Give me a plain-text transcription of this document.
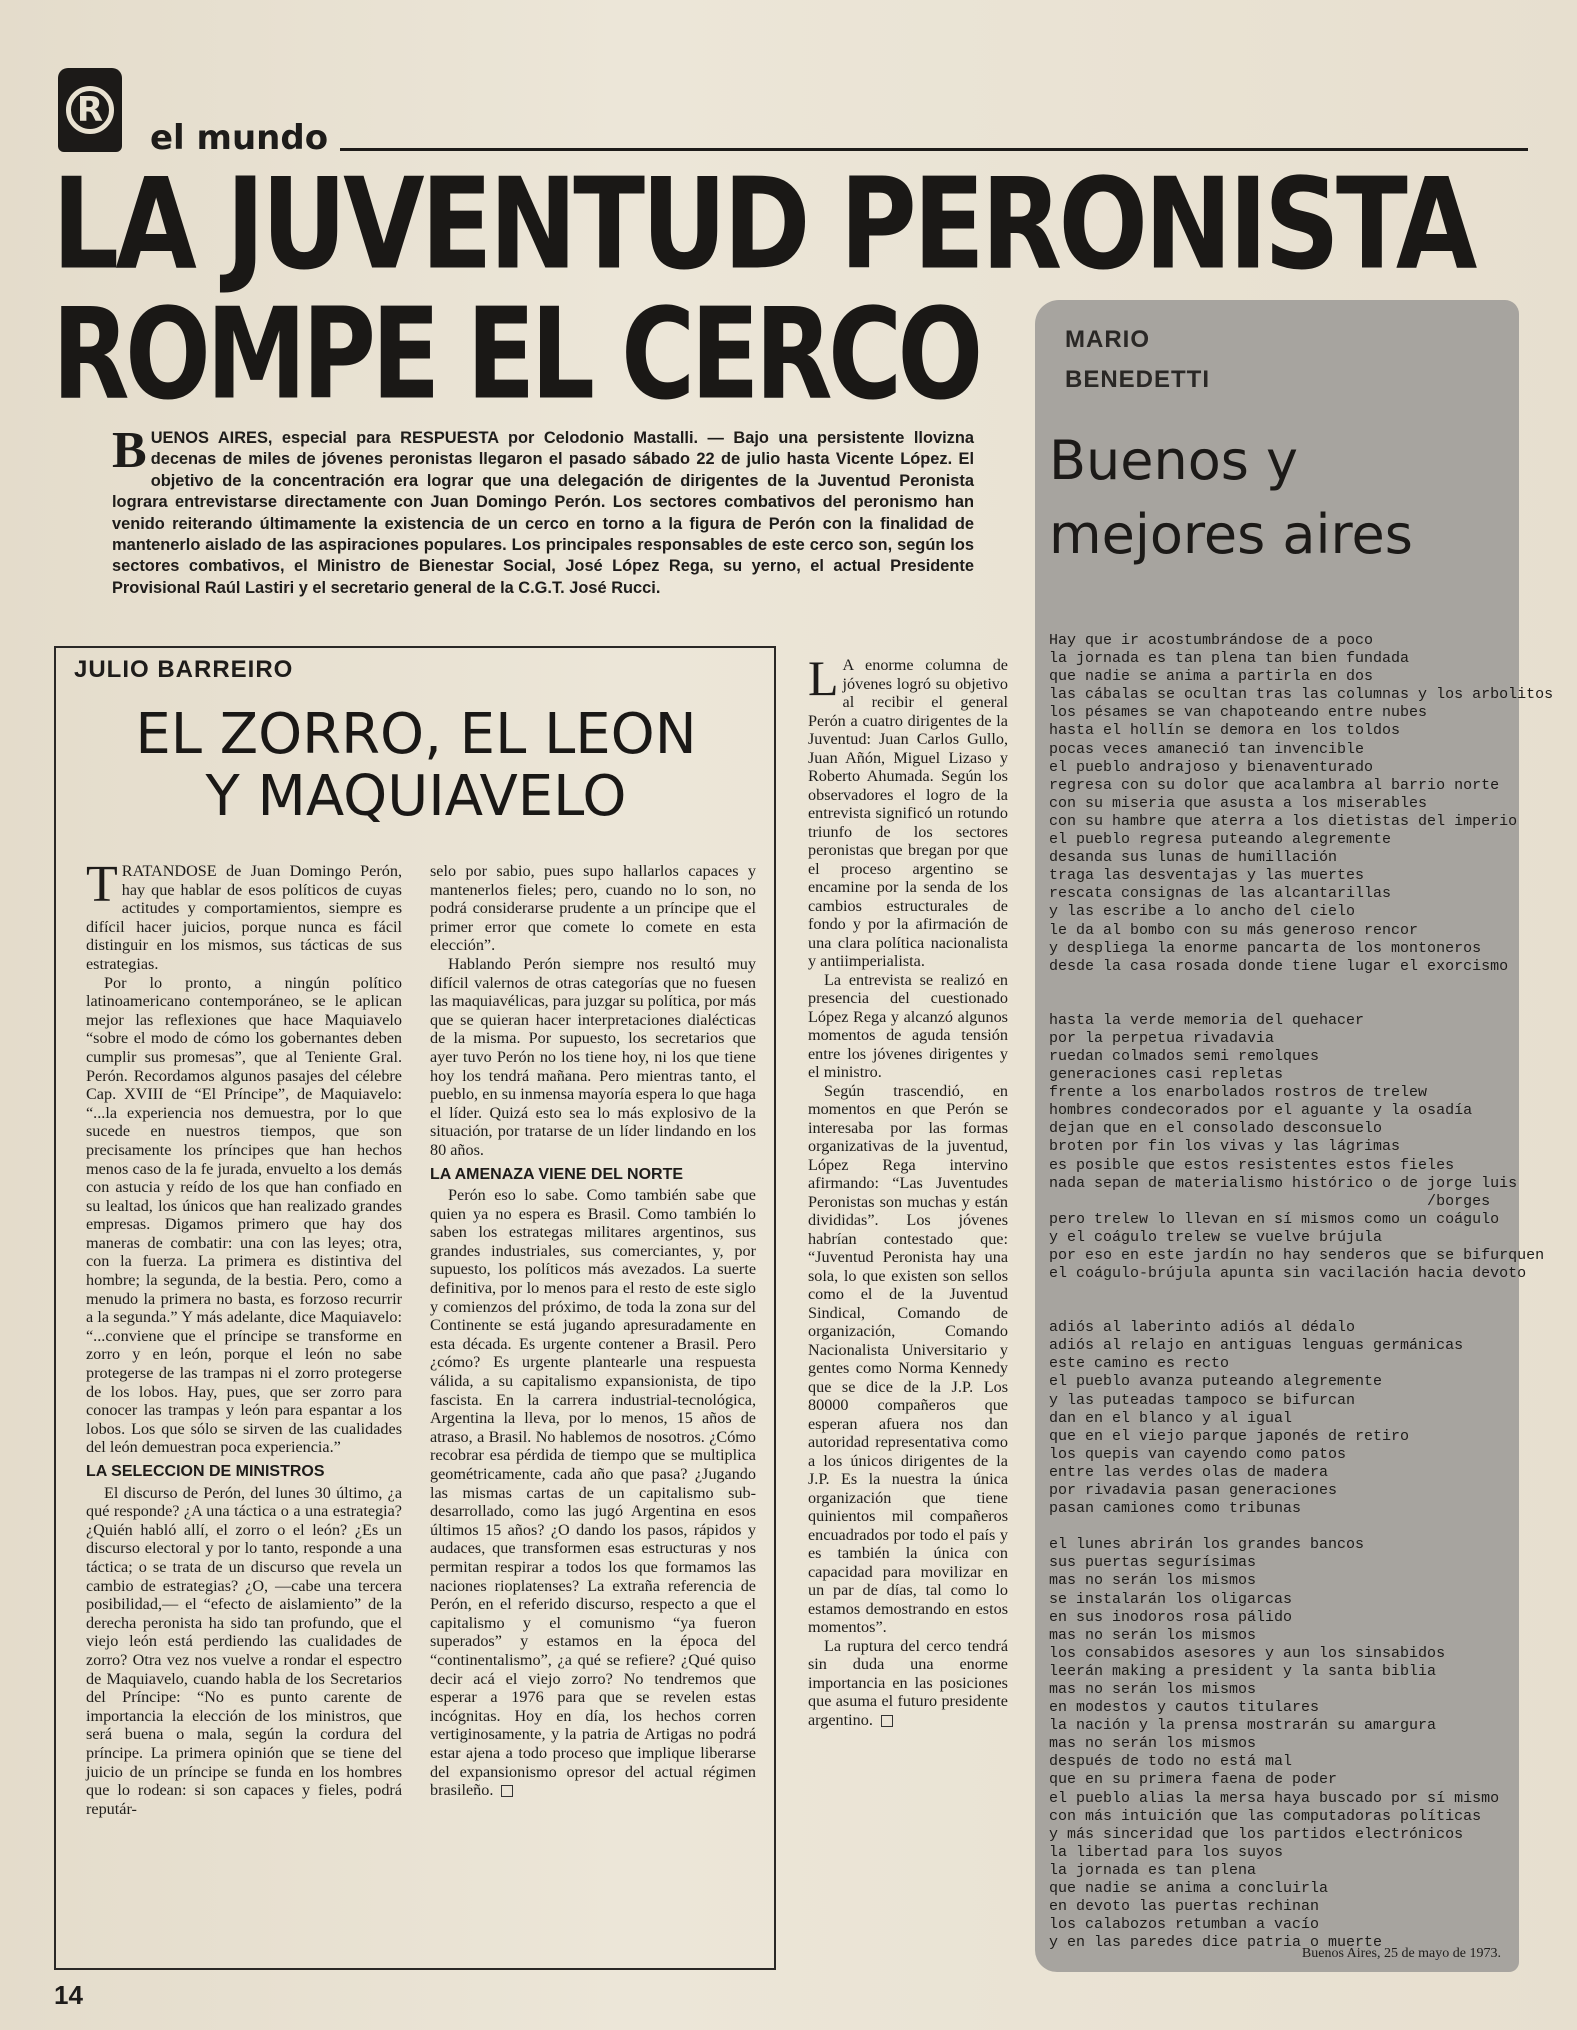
R
el mundo
LA JUVENTUD PERONISTA
ROMPE EL CERCO
BUENOS AIRES, especial para RESPUESTA por Celodonio Mastalli. — Bajo una persistente llovizna decenas de miles de jóvenes peronistas llegaron el pasado sábado 22 de julio hasta Vicente López. El objetivo de la concentración era lograr que una delegación de dirigentes de la Juventud Peronista lograra entrevistarse directamente con Juan Domingo Perón. Los sectores combativos del peronismo han venido reiterando últimamente la existencia de un cerco en torno a la figura de Perón con la finalidad de mantenerlo aislado de las aspiraciones populares. Los principales responsables de este cerco son, según los sectores combativos, el Ministro de Bienestar Social, José López Rega, su yerno, el actual Presidente Provisional Raúl Lastiri y el secretario general de la C.G.T. José Rucci.
JULIO BARREIRO
EL ZORRO, EL LEON
Y MAQUIAVELO

TRATANDOSE de Juan Domingo Perón, hay que hablar de esos políticos de cuyas actitudes y comportamientos, siempre es difícil hacer juicios, porque nunca es fácil distinguir en los mismos, sus tácticas de sus estrategias.

Por lo pronto, a ningún político latinoamericano contemporáneo, se le aplican mejor las reflexiones que hace Maquiavelo “sobre el modo de cómo los gobernantes deben cumplir sus promesas”, que al Teniente Gral. Perón. Recordamos algunos pasajes del célebre Cap. XVIII de “El Príncipe”, de Maquiavelo: “...la experiencia nos demuestra, por lo que sucede en nuestros tiempos, que son precisamente los príncipes que han hechos menos caso de la fe jurada, envuelto a los demás con astucia y reído de los que han confiado en su lealtad, los únicos que han realizado grandes empresas. Digamos primero que hay dos maneras de combatir: una con las leyes; otra, con la fuerza. La primera es distintiva del hombre; la segunda, de la bestia. Pero, como a menudo la primera no basta, es forzoso recurrir a la segunda.” Y más adelante, dice Maquiavelo: “...conviene que el príncipe se transforme en zorro y en león, porque el león no sabe protegerse de las trampas ni el zorro protegerse de los lobos. Hay, pues, que ser zorro para conocer las trampas y león para espantar a los lobos. Los que sólo se sirven de las cualidades del león demuestran poca experiencia.”

LA SELECCION DE MINISTROS

El discurso de Perón, del lunes 30 último, ¿a qué responde? ¿A una táctica o a una estrategia? ¿Quién habló allí, el zorro o el león? ¿Es un discurso electoral y por lo tanto, responde a una táctica; o se trata de un discurso que revela un cambio de estrategias? ¿O, —cabe una tercera posibilidad,— el “efecto de aislamiento” de la derecha peronista ha sido tan profundo, que el viejo león está perdiendo las cualidades de zorro? Otra vez nos vuelve a rondar el espectro de Maquiavelo, cuando habla de los Secretarios del Príncipe: “No es punto carente de importancia la elección de los ministros, que será buena o mala, según la cordura del príncipe. La primera opinión que se tiene del juicio de un príncipe se funda en los hombres que lo rodean: si son capaces y fieles, podrá reputár-

selo por sabio, pues supo hallarlos capaces y mantenerlos fieles; pero, cuando no lo son, no podrá considerarse prudente a un príncipe que el primer error que comete lo comete en esta elección”.

Hablando Perón siempre nos resultó muy difícil valernos de otras categorías que no fuesen las maquiavélicas, para juzgar su política, por más que se quieran hacer interpretaciones dialécticas de la misma. Por supuesto, los secretarios que ayer tuvo Perón no los tiene hoy, ni los que tiene hoy los tendrá mañana. Pero mientras tanto, el pueblo, en su inmensa mayoría espera lo que haga el líder. Quizá esto sea lo más explosivo de la situación, por tratarse de un líder lindando en los 80 años.

LA AMENAZA VIENE DEL NORTE

Perón eso lo sabe. Como también sabe que quien ya no espera es Brasil. Como también lo saben los estrategas militares argentinos, sus grandes industriales, sus comerciantes, y, por supuesto, los políticos más avezados. La suerte definitiva, por lo menos para el resto de este siglo y comienzos del próximo, de toda la zona sur del Continente se está jugando apresuradamente en esta década. Es urgente contener a Brasil. Pero ¿cómo? Es urgente plantearle una respuesta válida, a su capitalismo expansionista, de tipo fascista. En la carrera industrial-tecnológica, Argentina la lleva, por lo menos, 15 años de atraso, a Brasil. No hablemos de nosotros. ¿Cómo recobrar esa pérdida de tiempo que se multiplica geométricamente, cada año que pasa? ¿Jugando las mismas cartas de un capitalismo sub-desarrollado, como las jugó Argentina en esos últimos 15 años? ¿O dando los pasos, rápidos y audaces, que transformen esas estructuras y nos permitan respirar a todos los que formamos las naciones rioplatenses? La extraña referencia de Perón, en el referido discurso, respecto a que el capitalismo y el comunismo “ya fueron superados” y estamos en la época del “continentalismo”, ¿a qué se refiere? ¿Qué quiso decir acá el viejo zorro? No tendremos que esperar a 1976 para que se revelen estas incógnitas. Hoy en día, los hechos corren vertiginosamente, y la patria de Artigas no podrá estar ajena a todo proceso que implique liberarse del expansionismo opresor del actual régimen brasileño.

L A enorme columna de jóvenes logró su objetivo al recibir el general Perón a cuatro dirigentes de la Juventud: Juan Carlos Gullo, Juan Añón, Miguel Lizaso y Roberto Ahumada. Según los observadores el logro de la entrevista significó un rotundo triunfo de los sectores peronistas que bregan por que el proceso argentino se encamine por la senda de los cambios estructurales de fondo y por la afirmación de una clara política nacionalista y antiimperialista.

La entrevista se realizó en presencia del cuestionado López Rega y alcanzó algunos momentos de aguda tensión entre los jóvenes dirigentes y el ministro.

Según trascendió, en momentos en que Perón se interesaba por las formas organizativas de la juventud, López Rega intervino afirmando: “Las Juventudes Peronistas son muchas y están divididas”. Los jóvenes habrían contestado que: “Juventud Peronista hay una sola, lo que existen son sellos como el de la Juventud Sindical, Comando de organización, Comando Nacionalista Universitario y gentes como Norma Kennedy que se dice de la J.P. Los 80000 compañeros que esperan afuera nos dan autoridad representativa como a los únicos dirigentes de la J.P. Es la nuestra la única organización que tiene quinientos mil compañeros encuadrados por todo el país y es también la única con capacidad para movilizar en un par de días, tal como lo estamos demostrando en estos momentos”.

La ruptura del cerco tendrá sin duda una enorme importancia en las posiciones que asuma el futuro presidente argentino.

MARIO
BENEDETTI
Buenos y
mejores aires
Hay que ir acostumbrándose de a poco
la jornada es tan plena tan bien fundada
que nadie se anima a partirla en dos
las cábalas se ocultan tras las columnas y los arbolitos
los pésames se van chapoteando entre nubes
hasta el hollín se demora en los toldos
pocas veces amaneció tan invencible
el pueblo andrajoso y bienaventurado
regresa con su dolor que acalambra al barrio norte
con su miseria que asusta a los miserables
con su hambre que aterra a los dietistas del imperio
el pueblo regresa puteando alegremente
desanda sus lunas de humillación
traga las desventajas y las muertes
rescata consignas de las alcantarillas
y las escribe a lo ancho del cielo
le da al bombo con su más generoso rencor
y despliega la enorme pancarta de los montoneros
desde la casa rosada donde tiene lugar el exorcismo
hasta la verde memoria del quehacer
por la perpetua rivadavia
ruedan colmados semi remolques
generaciones casi repletas
frente a los enarbolados rostros de trelew
hombres condecorados por el aguante y la osadía
dejan que en el consolado desconsuelo
broten por fin los vivas y las lágrimas
es posible que estos resistentes estos fieles
nada sepan de materialismo histórico o de jorge luis
/borges
pero trelew lo llevan en sí mismos como un coágulo
y el coágulo trelew se vuelve brújula
por eso en este jardín no hay senderos que se bifurquen
el coágulo-brújula apunta sin vacilación hacia devoto
adiós al laberinto adiós al dédalo
adiós al relajo en antiguas lenguas germánicas
este camino es recto
el pueblo avanza puteando alegremente
y las puteadas tampoco se bifurcan
dan en el blanco y al igual
que en el viejo parque japonés de retiro
los quepis van cayendo como patos
entre las verdes olas de madera
por rivadavia pasan generaciones
pasan camiones como tribunas
el lunes abrirán los grandes bancos
sus puertas segurísimas
mas no serán los mismos
se instalarán los oligarcas
en sus inodoros rosa pálido
mas no serán los mismos
los consabidos asesores y aun los sinsabidos
leerán making a president y la santa biblia
mas no serán los mismos
en modestos y cautos titulares
la nación y la prensa mostrarán su amargura
mas no serán los mismos
después de todo no está mal
que en su primera faena de poder
el pueblo alias la mersa haya buscado por sí mismo
con más intuición que las computadoras políticas
y más sinceridad que los partidos electrónicos
la libertad para los suyos
la jornada es tan plena
que nadie se anima a concluirla
en devoto las puertas rechinan
los calabozos retumban a vacío
y en las paredes dice patria o muerte
Buenos Aires, 25 de mayo de 1973.
14
